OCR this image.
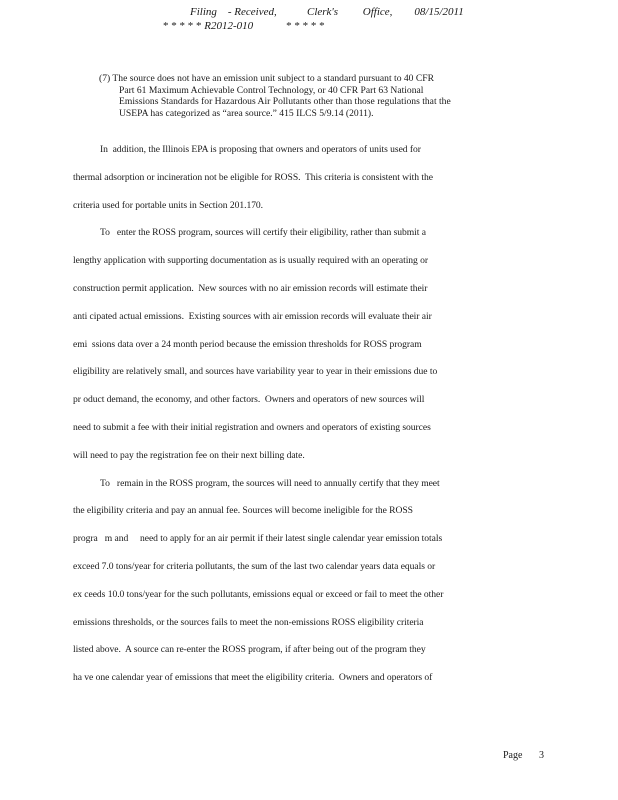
Filing    - Received,           Clerk's         Office,        08/15/2011
* * * * * R2012-010            * * * * *
(7) The source does not have an emission unit subject to a standard pursuant to 40 CFR
Part 61 Maximum Achievable Control Technology, or 40 CFR Part 63 National Emissions Standards for Hazardous Air Pollutants other than those regulations that the USEPA has categorized as “area source.” 415 ILCS 5/9.14 (2011).
In  addition, the Illinois EPA is proposing that owners and operators of units used for
thermal adsorption or incineration not be eligible for ROSS.  This criteria is consistent with the
criteria used for portable units in Section 201.170.
To   enter the ROSS program, sources will certify their eligibility, rather than submit a
lengthy application with supporting documentation as is usually required with an operating or
construction permit application.  New sources with no air emission records will estimate their
anti cipated actual emissions.  Existing sources with air emission records will evaluate their air
emi  ssions data over a 24 month period because the emission thresholds for ROSS program
eligibility are relatively small, and sources have variability year to year in their emissions due to
pr oduct demand, the economy, and other factors.  Owners and operators of new sources will
need to submit a fee with their initial registration and owners and operators of existing sources
will need to pay the registration fee on their next billing date.
To   remain in the ROSS program, the sources will need to annually certify that they meet
the eligibility criteria and pay an annual fee. Sources will become ineligible for the ROSS
progra   m and     need to apply for an air permit if their latest single calendar year emission totals
exceed 7.0 tons/year for criteria pollutants, the sum of the last two calendar years data equals or
ex ceeds 10.0 tons/year for the such pollutants, emissions equal or exceed or fail to meet the other
emissions thresholds, or the sources fails to meet the non-emissions ROSS eligibility criteria
listed above.  A source can re-enter the ROSS program, if after being out of the program they
ha ve one calendar year of emissions that meet the eligibility criteria.  Owners and operators of
Page 3
